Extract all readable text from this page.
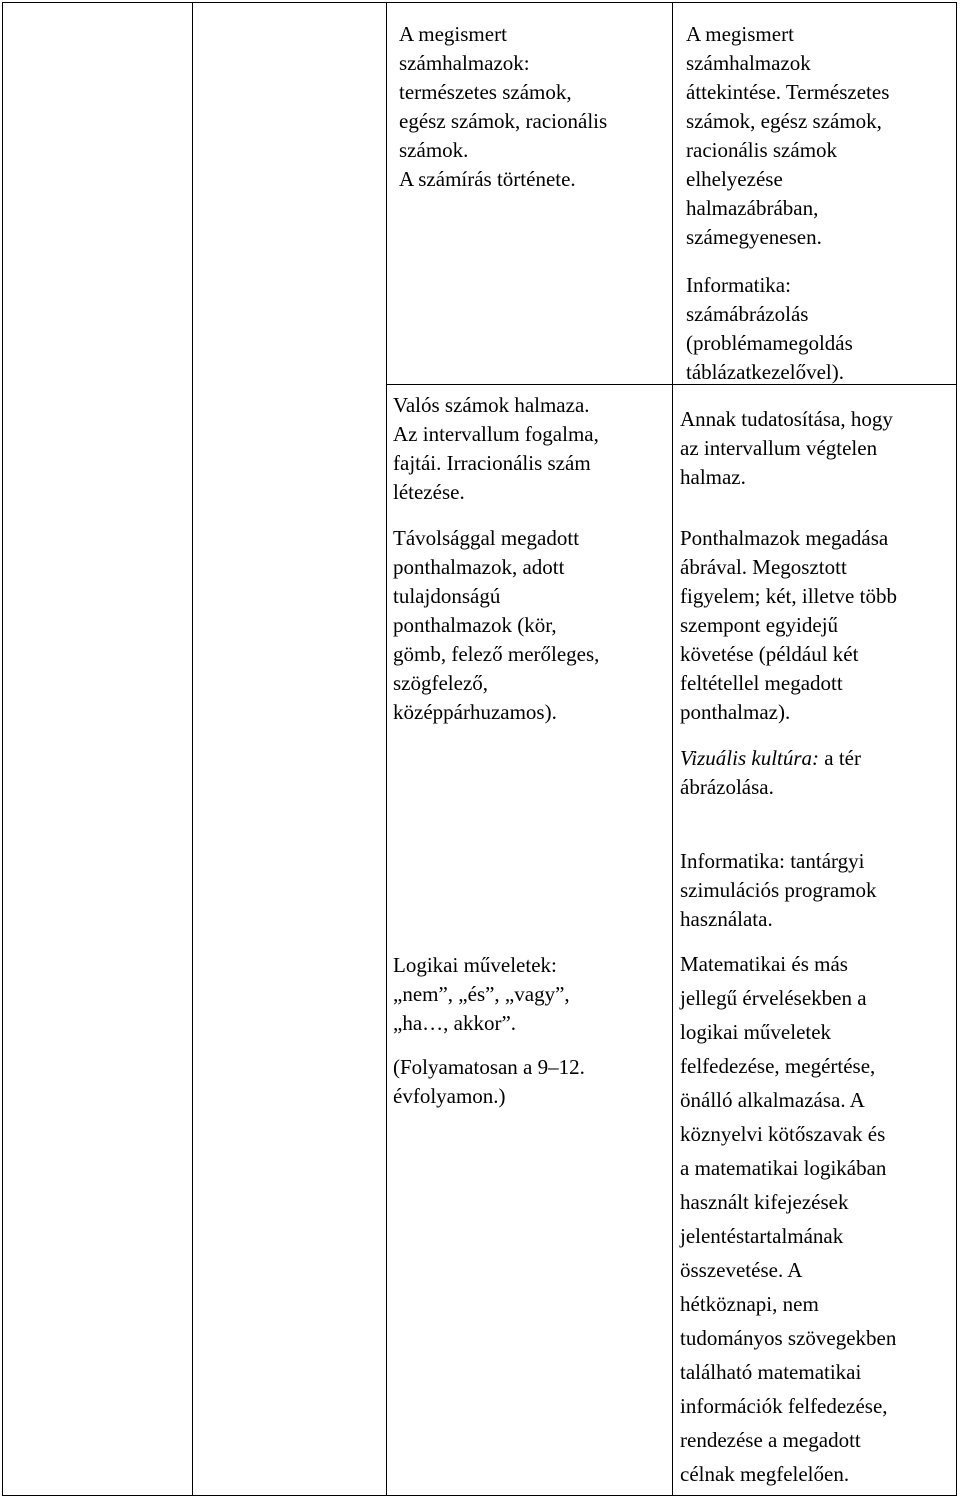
A megismert
számhalmazok:
természetes számok,
egész számok, racionális
számok.
A számírás története.
A megismert
számhalmazok
áttekintése. Természetes
számok, egész számok,
racionális számok
elhelyezése
halmazábrában,
számegyenesen.
Informatika:
számábrázolás
(problémamegoldás
táblázatkezelővel).
Valós számok halmaza.
Az intervallum fogalma,
fajtái. Irracionális szám
létezése.
Annak tudatosítása, hogy
az intervallum végtelen
halmaz.
Távolsággal megadott
ponthalmazok, adott
tulajdonságú
ponthalmazok (kör,
gömb, felező merőleges,
szögfelező,
középpárhuzamos).
Ponthalmazok megadása
ábrával. Megosztott
figyelem; két, illetve több
szempont egyidejű
követése (például két
feltétellel megadott
ponthalmaz).
Vizuális kultúra: a tér
ábrázolása.
Informatika: tantárgyi
szimulációs programok
használata.
Logikai műveletek:
„nem”, „és”, „vagy”,
„ha…, akkor”.
(Folyamatosan a 9–12.
évfolyamon.)
Matematikai és más
jellegű érvelésekben a
logikai műveletek
felfedezése, megértése,
önálló alkalmazása. A
köznyelvi kötőszavak és
a matematikai logikában
használt kifejezések
jelentéstartalmának
összevetése. A
hétköznapi, nem
tudományos szövegekben
található matematikai
információk felfedezése,
rendezése a megadott
célnak megfelelően.
